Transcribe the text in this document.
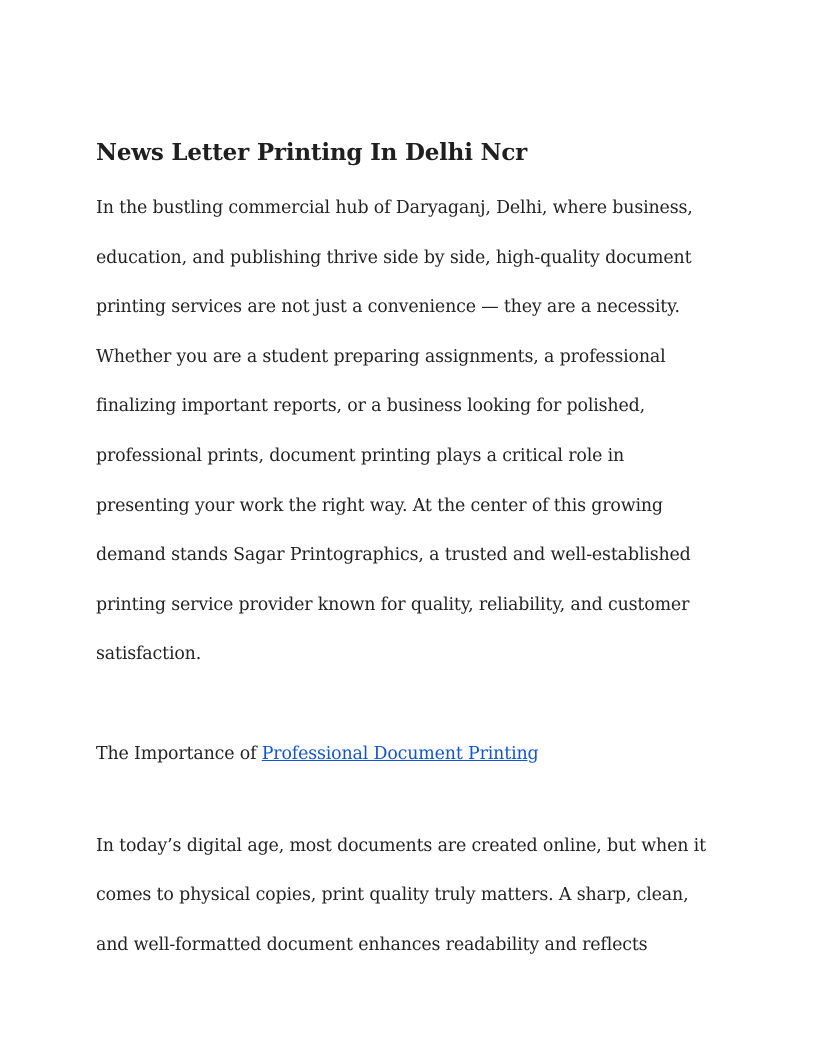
News Letter Printing In Delhi Ncr

In the bustling commercial hub of Daryaganj, Delhi, where business,
education, and publishing thrive side by side, high-quality document
printing services are not just a convenience — they are a necessity.
Whether you are a student preparing assignments, a professional
finalizing important reports, or a business looking for polished,
professional prints, document printing plays a critical role in
presenting your work the right way. At the center of this growing
demand stands Sagar Printographics, a trusted and well-established
printing service provider known for quality, reliability, and customer
satisfaction.

The Importance of Professional Document Printing

In today’s digital age, most documents are created online, but when it
comes to physical copies, print quality truly matters. A sharp, clean,
and well-formatted document enhances readability and reflects
